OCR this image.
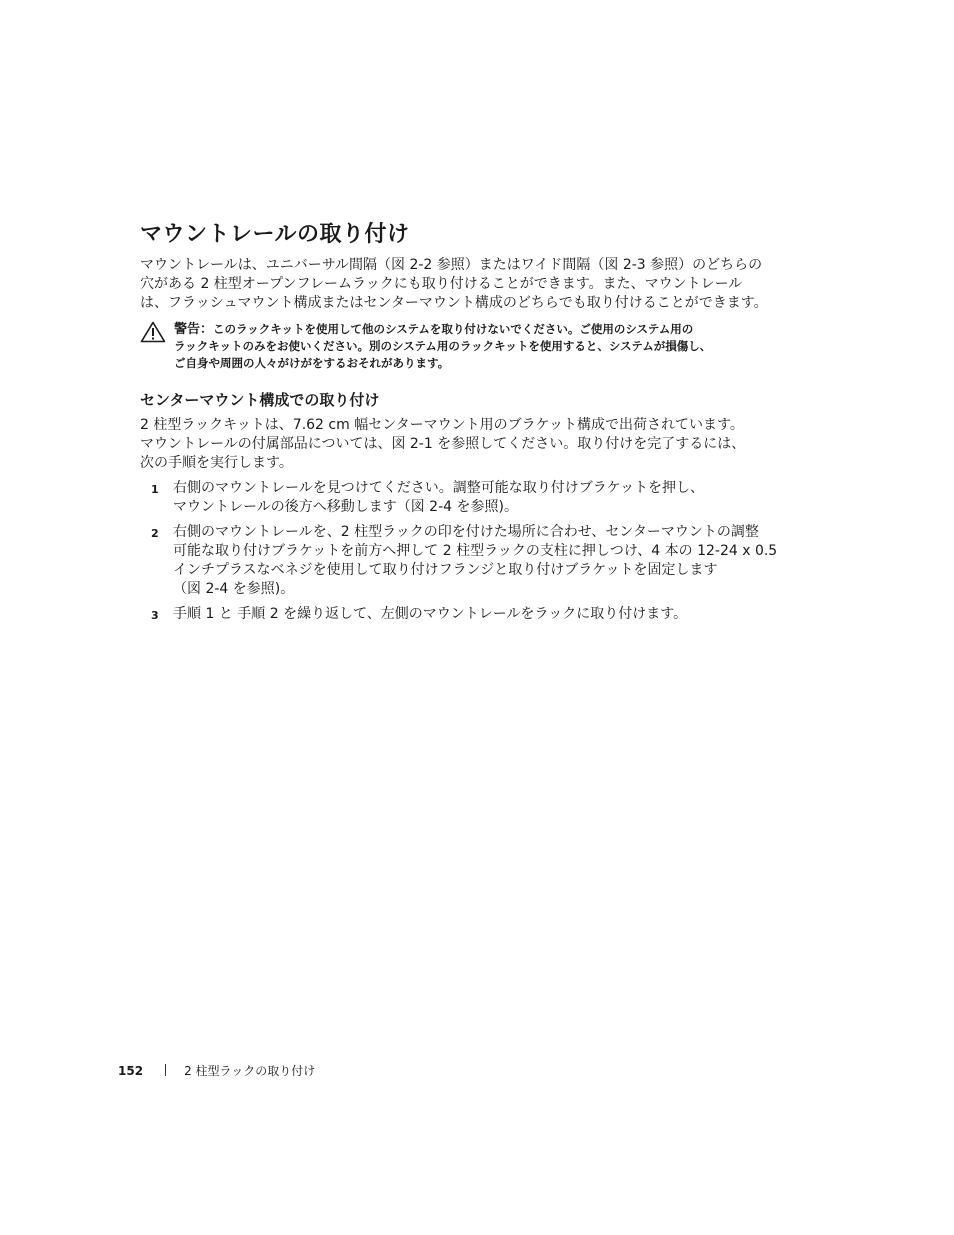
マウントレールの取り付け

マウントレールは、ユニバーサル間隔（図 2-2 参照）またはワイド間隔（図 2-3 参照）のどちらの
穴がある 2 柱型オープンフレームラックにも取り付けることができます。また、マウントレール
は、フラッシュマウント構成またはセンターマウント構成のどちらでも取り付けることができます。

警告：このラックキットを使用して他のシステムを取り付けないでください。ご使用のシステム用の
ラックキットのみをお使いください。別のシステム用のラックキットを使用すると、システムが損傷し、
ご自身や周囲の人々がけがをするおそれがあります。
センターマウント構成での取り付け

2 柱型ラックキットは、7.62 cm 幅センターマウント用のブラケット構成で出荷されています。
マウントレールの付属部品については、図 2-1 を参照してください。取り付けを完了するには、
次の手順を実行します。

1 右側のマウントレールを見つけてください。調整可能な取り付けブラケットを押し、
マウントレールの後方へ移動します（図 2-4 を参照)。
2 右側のマウントレールを、2 柱型ラックの印を付けた場所に合わせ、センターマウントの調整
可能な取り付けブラケットを前方へ押して 2 柱型ラックの支柱に押しつけ、4 本の 12-24 x 0.5
インチプラスなベネジを使用して取り付けフランジと取り付けブラケットを固定します
（図 2-4 を参照)。
3 手順 1 と 手順 2 を繰り返して、左側のマウントレールをラックに取り付けます。
152	2 柱型ラックの取り付け
